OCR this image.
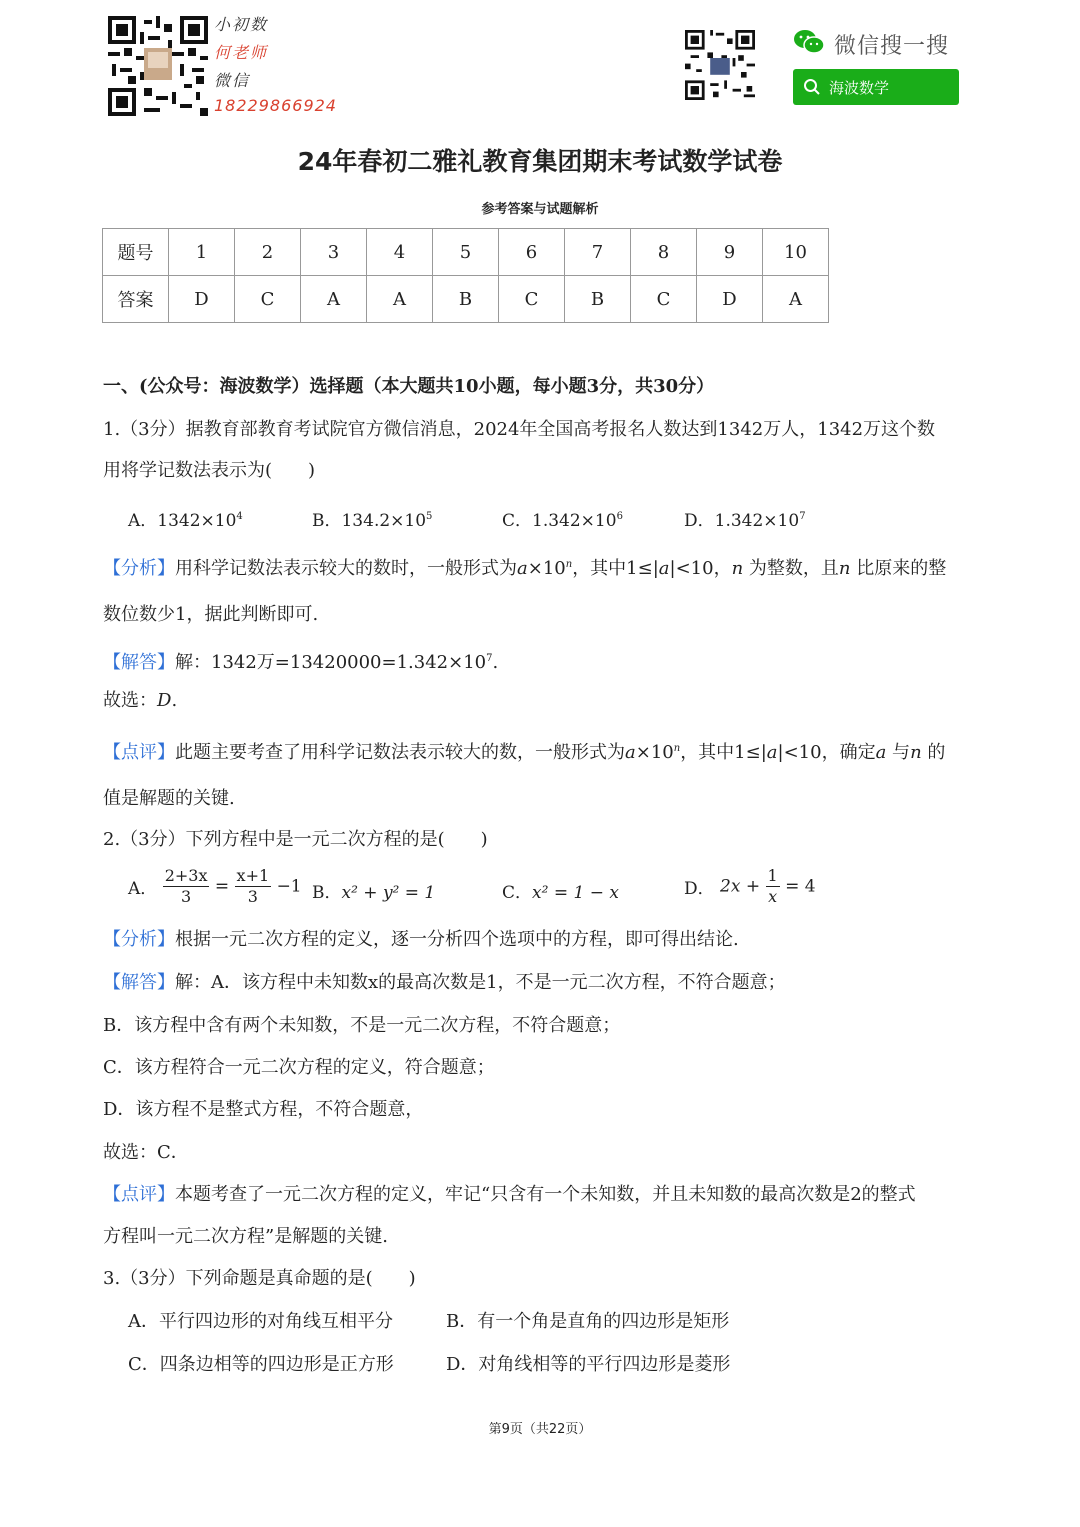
小初数
何老师
微信
18229866924
微信搜一搜
海波数学
24年春初二雅礼教育集团期末考试数学试卷
参考答案与试题解析
题号	1	2	3	4	5	6	7	8	9	10
答案	D	C	A	A	B	C	B	C	D	A
一、(公众号：海波数学）选择题（本大题共10小题，每小题3分，共30分）
1.（3分）据教育部教育考试院官方微信消息，2024年全国高考报名人数达到1342万人，1342万这个数
用将学记数法表示为(　　)
A．$1342\times 10^4$	B．$134.2\times 10^5$	C．$1.342\times 10^6$	D．$1.342\times 10^7$
【分析】用科学记数法表示较大的数时，一般形式为$a\times 10^n$，其中1≤|a|<10，n 为整数，且n 比原来的整
数位数少1，据此判断即可.
【解答】解：1342万$=13420000=1.342\times 10^7$.
故选：D.
【点评】此题主要考查了用科学记数法表示较大的数，一般形式为$a\times 10^n$，其中1≤|a|<10，确定a 与n 的
值是解题的关键.
2.（3分）下列方程中是一元二次方程的是(　　)
A． $\frac{2+3x}{3} = \frac{x+1}{3} -1$ B．x² + y² = 1	C．x² = 1 − x	D． $2x + \frac{1}{x} = 4$
【分析】根据一元二次方程的定义，逐一分析四个选项中的方程，即可得出结论.
【解答】解：A．该方程中未知数x的最高次数是1，不是一元二次方程，不符合题意；
B．该方程中含有两个未知数，不是一元二次方程，不符合题意；
C．该方程符合一元二次方程的定义，符合题意；
D．该方程不是整式方程，不符合题意，
故选：C．
【点评】本题考查了一元二次方程的定义，牢记“只含有一个未知数，并且未知数的最高次数是2的整式
方程叫一元二次方程”是解题的关键.
3.（3分）下列命题是真命题的是(　　)
A．平行四边形的对角线互相平分	B．有一个角是直角的四边形是矩形
C．四条边相等的四边形是正方形	D．对角线相等的平行四边形是菱形
第9页（共22页）
